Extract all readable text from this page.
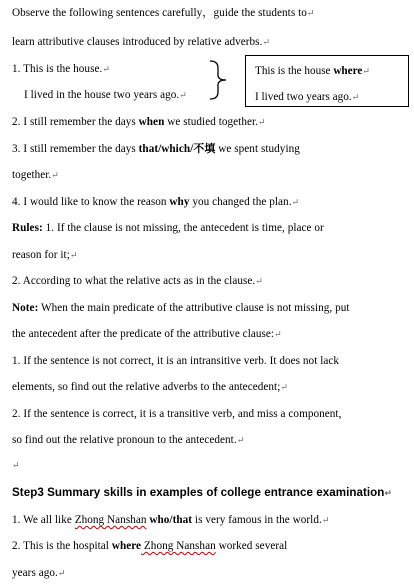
Observe the following sentences carefully，guide the students to↵
learn attributive clauses introduced by relative adverbs.↵
1. This is the house.↵
I lived in the house two years ago.↵
This is the house where↵
I lived two years ago.↵
2. I still remember the days when we studied together.↵
3. I still remember the days that/which/不填 we spent studying
together.↵
4. I would like to know the reason why you changed the plan.↵
Rules: 1. If the clause is not missing, the antecedent is time, place or
reason for it;↵
2. According to what the relative acts as in the clause.↵
Note: When the main predicate of the attributive clause is not missing, put
the antecedent after the predicate of the attributive clause:↵
1. If the sentence is not correct, it is an intransitive verb. It does not lack
elements, so find out the relative adverbs to the antecedent;↵
2. If the sentence is correct, it is a transitive verb, and miss a component,
so find out the relative pronoun to the antecedent.↵
↵
Step3 Summary skills in examples of college entrance examination↵
1. We all like Zhong Nanshan who/that is very famous in the world.↵
2. This is the hospital where Zhong Nanshan worked several
years ago.↵
